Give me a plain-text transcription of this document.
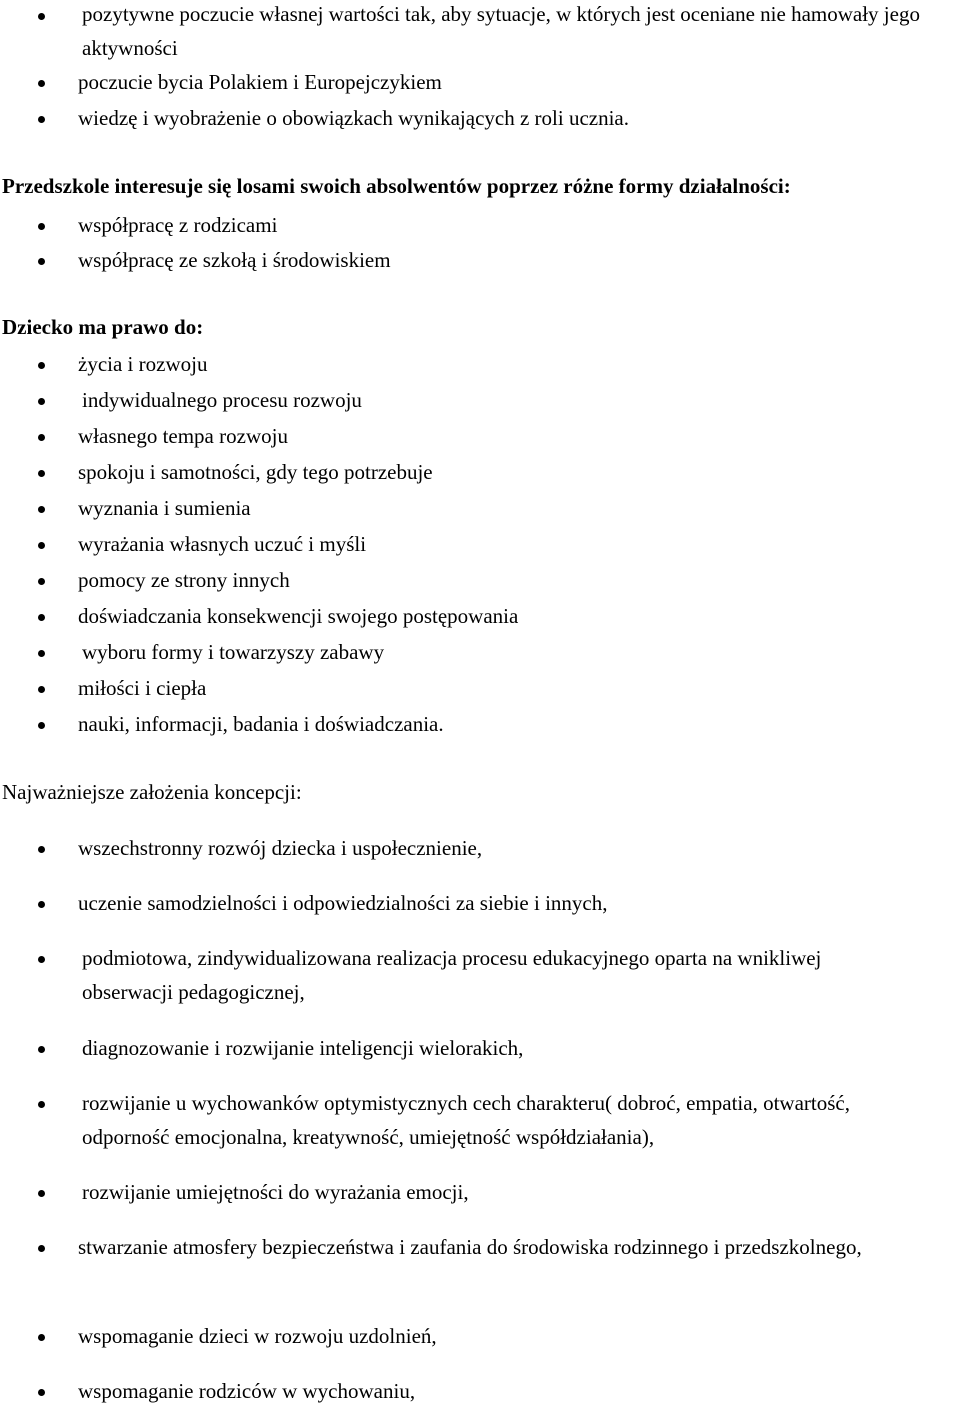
pozytywne poczucie własnej wartości tak, aby sytuacje, w których jest oceniane nie hamowały jego aktywności
poczucie bycia Polakiem i Europejczykiem
wiedzę i wyobrażenie o obowiązkach wynikających z roli ucznia.
Przedszkole interesuje się losami swoich absolwentów poprzez różne formy działalności:
współpracę z rodzicami
współpracę ze szkołą i środowiskiem
Dziecko ma prawo do:
życia i rozwoju
indywidualnego procesu rozwoju
własnego tempa rozwoju
spokoju i samotności, gdy tego potrzebuje
wyznania i sumienia
wyrażania własnych uczuć i myśli
pomocy ze strony innych
doświadczania konsekwencji swojego postępowania
wyboru formy i towarzyszy zabawy
miłości i ciepła
nauki, informacji, badania i doświadczania.
Najważniejsze założenia koncepcji:
wszechstronny rozwój dziecka i uspołecznienie,
uczenie samodzielności i odpowiedzialności za siebie i innych,
podmiotowa, zindywidualizowana realizacja procesu edukacyjnego oparta na wnikliwej obserwacji pedagogicznej,
diagnozowanie i rozwijanie inteligencji wielorakich,
rozwijanie u wychowanków optymistycznych cech charakteru( dobroć, empatia, otwartość, odporność emocjonalna, kreatywność, umiejętność współdziałania),
rozwijanie umiejętności do wyrażania emocji,
stwarzanie atmosfery bezpieczeństwa i zaufania do środowiska rodzinnego i przedszkolnego,
wspomaganie dzieci w rozwoju uzdolnień,
wspomaganie rodziców w wychowaniu,
